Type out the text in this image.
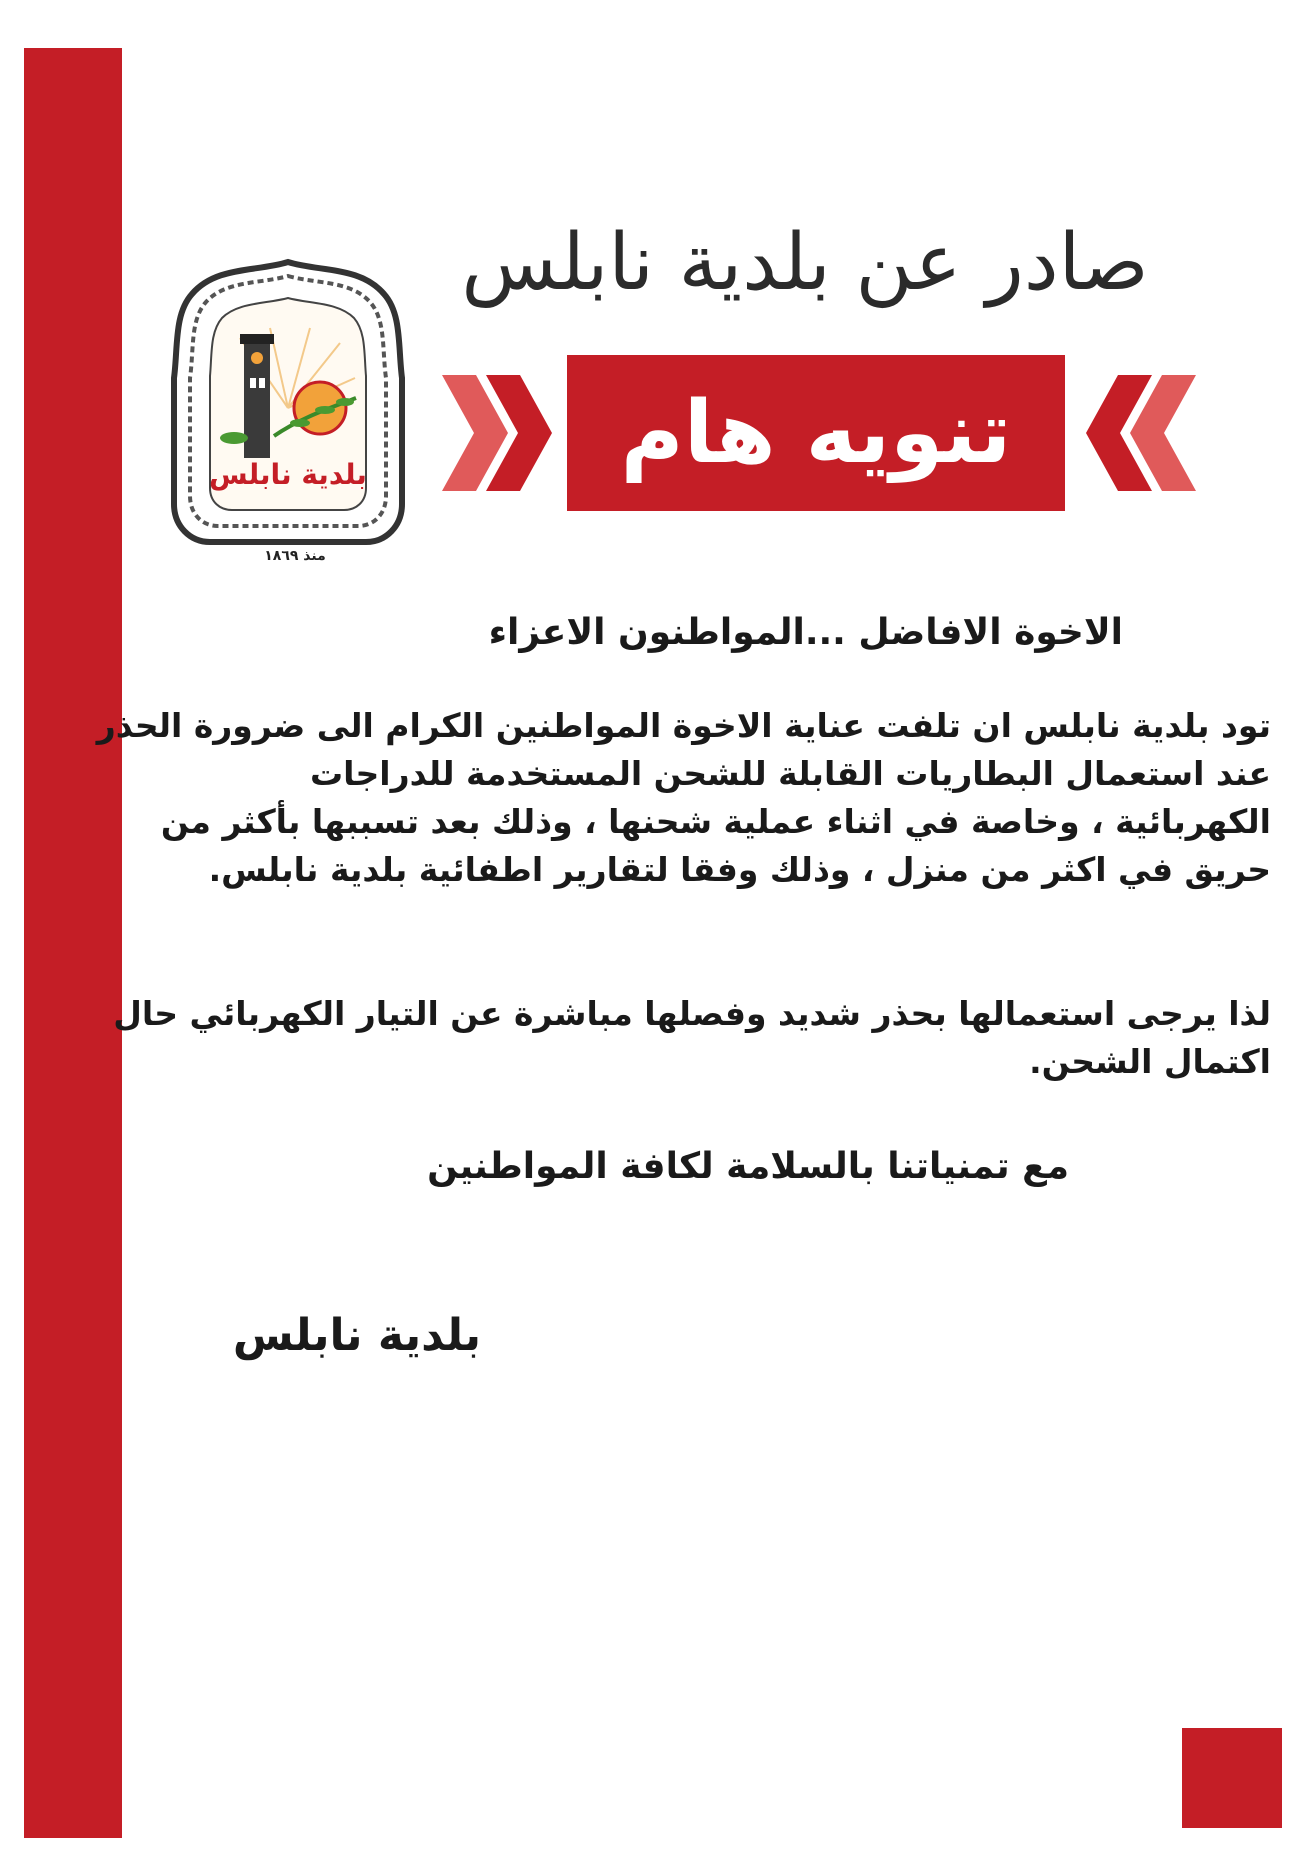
صادر عن بلدية نابلس
تنويه هام
بلدية نابلس
منذ ١٨٦٩
الاخوة الافاضل ...المواطنون الاعزاء
تود بلدية نابلس ان تلفت عناية الاخوة المواطنين الكرام الى ضرورة الحذر
عند استعمال البطاريات القابلة للشحن المستخدمة للدراجات
الكهربائية ، وخاصة في اثناء عملية شحنها ، وذلك بعد تسببها بأكثر من
حريق في اكثر من منزل ، وذلك وفقا لتقارير اطفائية بلدية نابلس.
لذا يرجى استعمالها بحذر شديد وفصلها مباشرة عن التيار الكهربائي حال
اكتمال الشحن.
مع تمنياتنا بالسلامة لكافة المواطنين
بلدية نابلس
